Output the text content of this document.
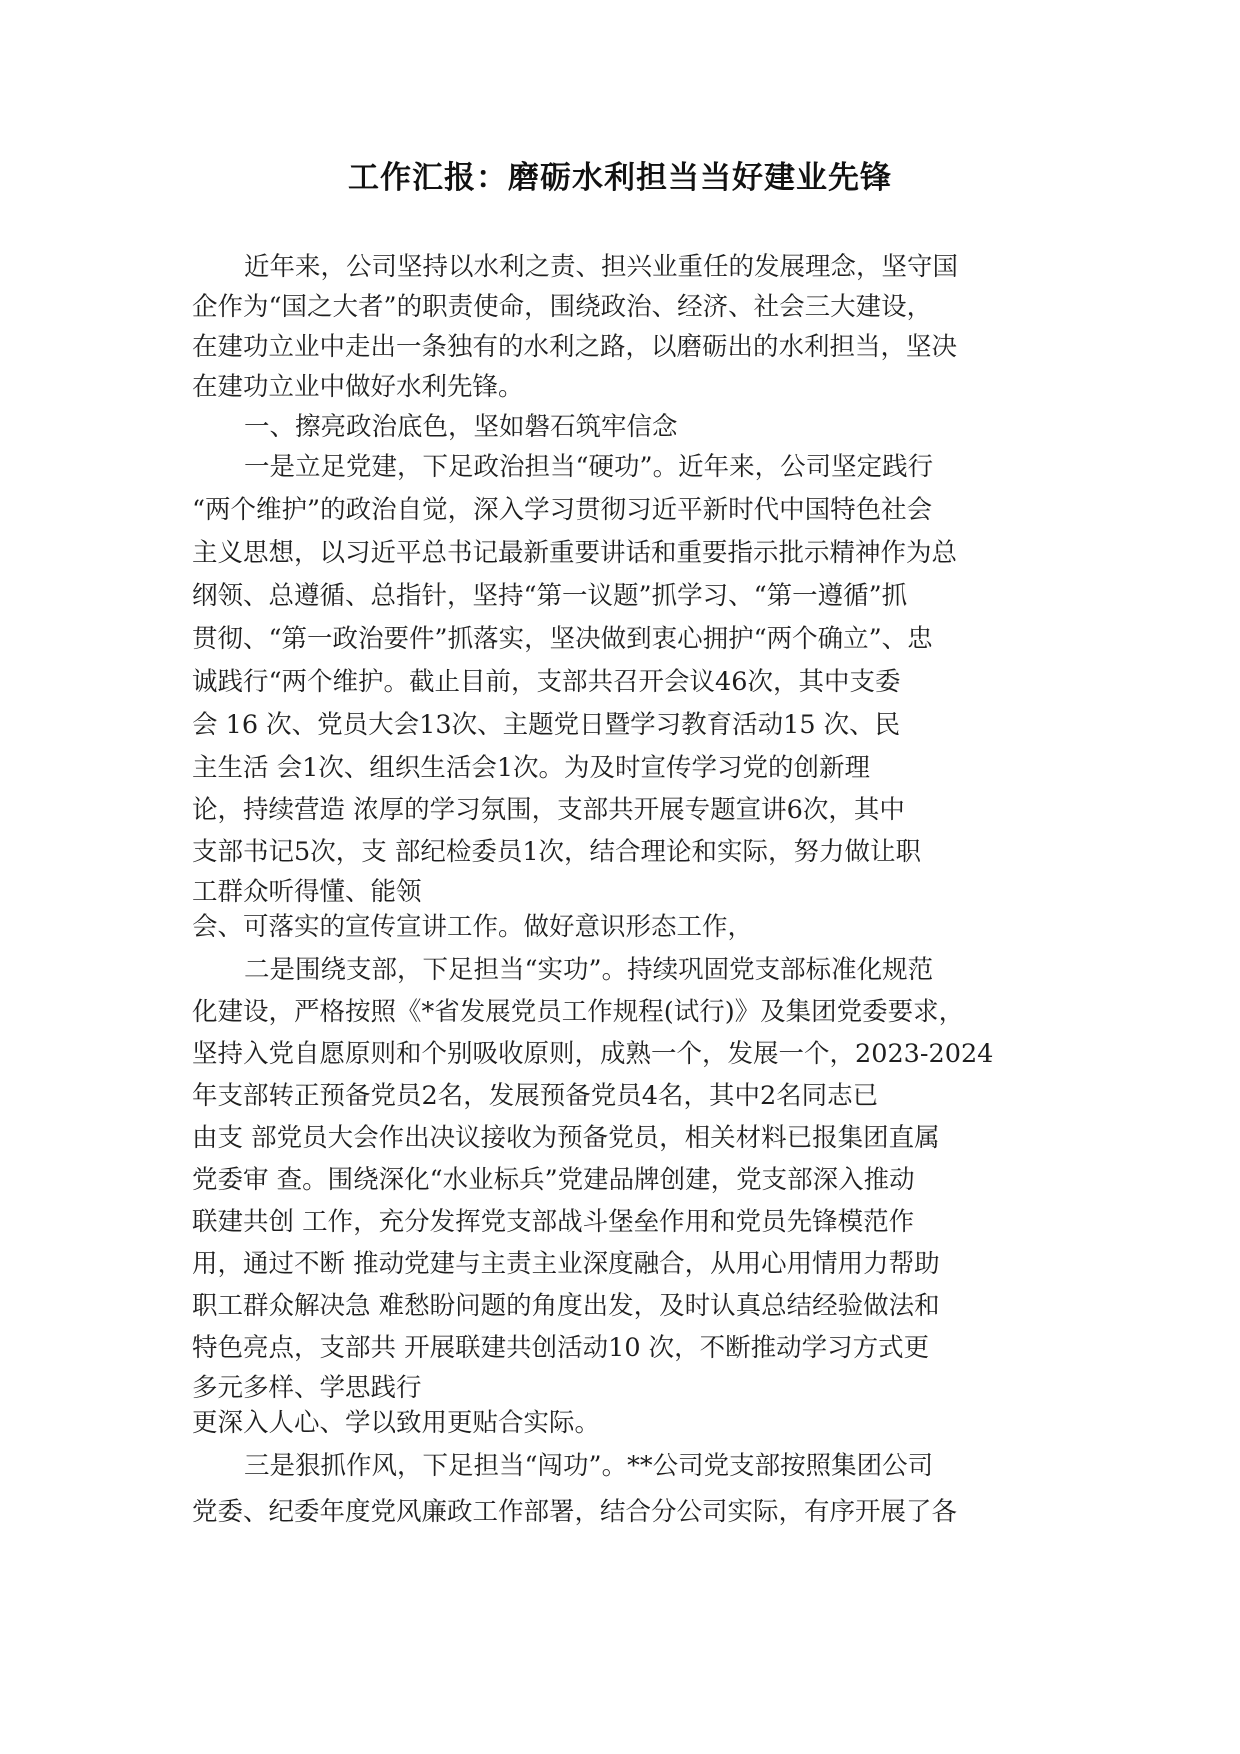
工作汇报：磨砺水利担当当好建业先锋

近年来，公司坚持以水利之责、担兴业重任的发展理念，坚守国

企作为“国之大者”的职责使命，围绕政治、经济、社会三大建设，

在建功立业中走出一条独有的水利之路，以磨砺出的水利担当，坚决

在建功立业中做好水利先锋。

一、擦亮政治底色，坚如磐石筑牢信念

一是立足党建，下足政治担当“硬功”。近年来，公司坚定践行

“两个维护”的政治自觉，深入学习贯彻习近平新时代中国特色社会

主义思想，以习近平总书记最新重要讲话和重要指示批示精神作为总

纲领、总遵循、总指针，坚持“第一议题”抓学习、“第一遵循”抓

贯彻、“第一政治要件”抓落实，坚决做到衷心拥护“两个确立”、忠

诚践行“两个维护。截止目前，支部共召开会议46次，其中支委

会 16 次、党员大会13次、主题党日暨学习教育活动15 次、民

主生活 会1次、组织生活会1次。为及时宣传学习党的创新理

论，持续营造 浓厚的学习氛围，支部共开展专题宣讲6次，其中

支部书记5次，支 部纪检委员1次，结合理论和实际，努力做让职

工群众听得懂、能领

会、可落实的宣传宣讲工作。做好意识形态工作，

二是围绕支部，下足担当“实功”。持续巩固党支部标准化规范

化建设，严格按照《*省发展党员工作规程(试行)》及集团党委要求，

坚持入党自愿原则和个别吸收原则，成熟一个，发展一个，2023-2024

年支部转正预备党员2名，发展预备党员4名，其中2名同志已

由支 部党员大会作出决议接收为预备党员，相关材料已报集团直属

党委审 查。围绕深化“水业标兵”党建品牌创建，党支部深入推动

联建共创 工作，充分发挥党支部战斗堡垒作用和党员先锋模范作

用，通过不断 推动党建与主责主业深度融合，从用心用情用力帮助

职工群众解决急 难愁盼问题的角度出发，及时认真总结经验做法和

特色亮点，支部共 开展联建共创活动10 次，不断推动学习方式更

多元多样、学思践行

更深入人心、学以致用更贴合实际。

三是狠抓作风，下足担当“闯功”。**公司党支部按照集团公司

党委、纪委年度党风廉政工作部署，结合分公司实际，有序开展了各
